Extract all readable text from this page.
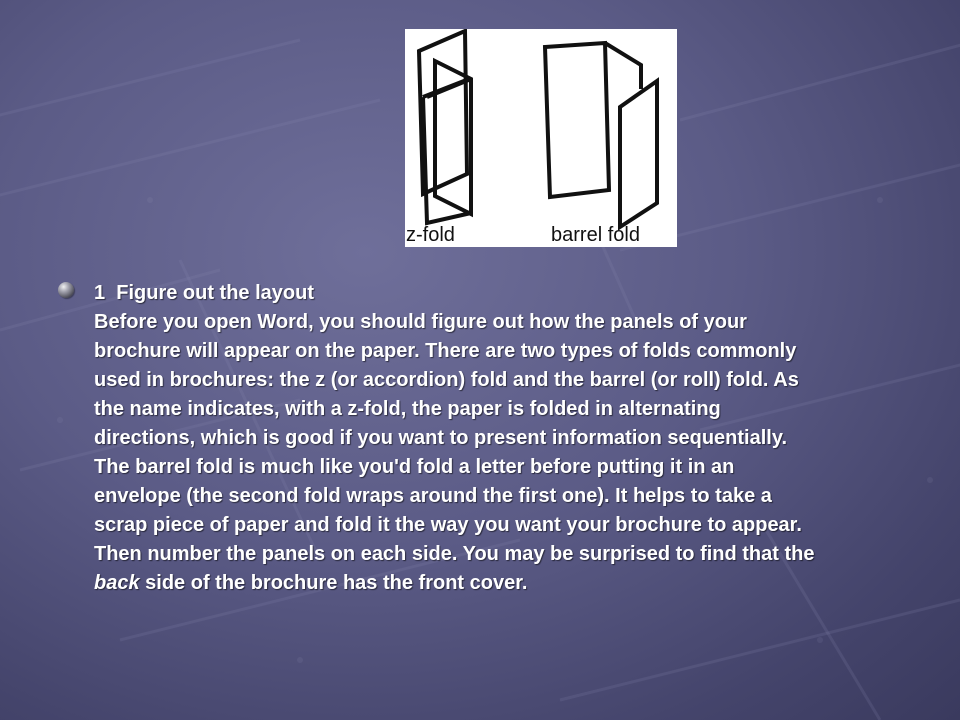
z-fold	barrel fold
1  Figure out the layout
Before you open Word, you should figure out how the panels of your
brochure will appear on the paper. There are two types of folds commonly
used in brochures: the z (or accordion) fold and the barrel (or roll) fold. As
the name indicates, with a z-fold, the paper is folded in alternating
directions, which is good if you want to present information sequentially.
The barrel fold is much like you'd fold a letter before putting it in an
envelope (the second fold wraps around the first one). It helps to take a
scrap piece of paper and fold it the way you want your brochure to appear.
Then number the panels on each side. You may be surprised to find that the
back side of the brochure has the front cover.
